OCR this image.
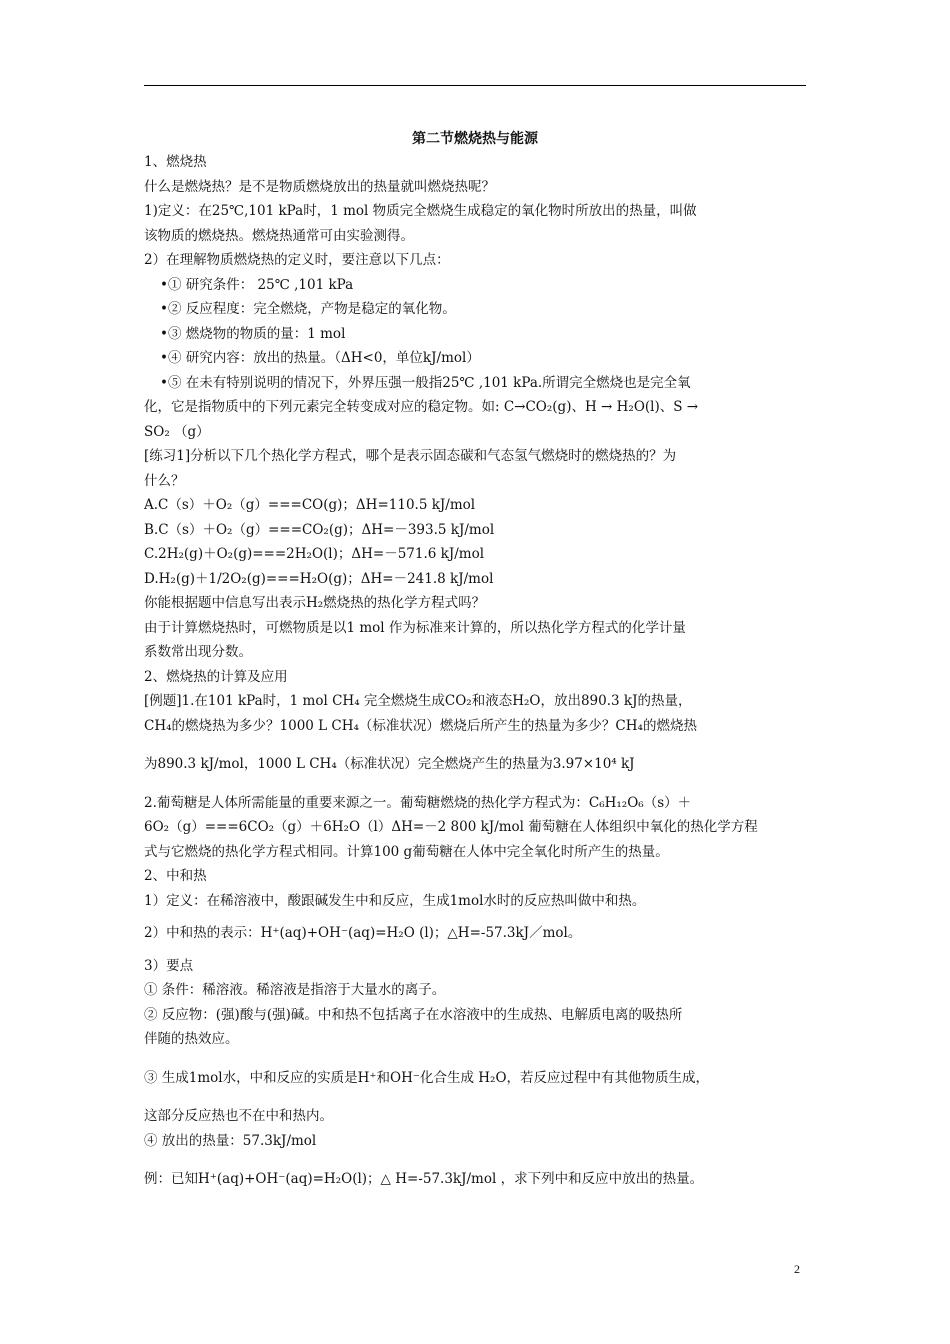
第二节燃烧热与能源

1、燃烧热

什么是燃烧热？是不是物质燃烧放出的热量就叫燃烧热呢？

1)定义：在25℃,101 kPa时，1 mol 物质完全燃烧生成稳定的氧化物时所放出的热量，叫做

该物质的燃烧热。燃烧热通常可由实验测得。

2）在理解物质燃烧热的定义时，要注意以下几点：

•① 研究条件： 25℃ ,101 kPa

•② 反应程度：完全燃烧，产物是稳定的氧化物。

•③ 燃烧物的物质的量：1 mol

•④ 研究内容：放出的热量。（ΔH<0，单位kJ/mol）

•⑤ 在未有特别说明的情况下，外界压强一般指25℃ ,101 kPa.所谓完全燃烧也是完全氧

化，它是指物质中的下列元素完全转变成对应的稳定物。如: C→CO₂(g)、H → H₂O(l)、S →

SO₂ （g）

[练习1]分析以下几个热化学方程式，哪个是表示固态碳和气态氢气燃烧时的燃烧热的？为

什么？

A.C（s）＋O₂（g）===CO(g)；ΔH=110.5 kJ/mol

B.C（s）＋O₂（g）===CO₂(g)；ΔH=－393.5 kJ/mol

C.2H₂(g)＋O₂(g)===2H₂O(l)；ΔH=－571.6 kJ/mol

D.H₂(g)＋1/2O₂(g)===H₂O(g)；ΔH=－241.8 kJ/mol

你能根据题中信息写出表示H₂燃烧热的热化学方程式吗？

由于计算燃烧热时，可燃物质是以1 mol 作为标准来计算的，所以热化学方程式的化学计量

系数常出现分数。

2、燃烧热的计算及应用

[例题]1.在101 kPa时，1 mol CH₄ 完全燃烧生成CO₂和液态H₂O，放出890.3 kJ的热量，

CH₄的燃烧热为多少？1000 L CH₄（标准状况）燃烧后所产生的热量为多少？CH₄的燃烧热

为890.3 kJ/mol，1000 L CH₄（标准状况）完全燃烧产生的热量为3.97×10⁴ kJ

2.葡萄糖是人体所需能量的重要来源之一。葡萄糖燃烧的热化学方程式为：C₆H₁₂O₆（s）＋

6O₂（g）===6CO₂（g）＋6H₂O（l）ΔH=－2 800 kJ/mol 葡萄糖在人体组织中氧化的热化学方程

式与它燃烧的热化学方程式相同。计算100 g葡萄糖在人体中完全氧化时所产生的热量。

2、中和热

1）定义：在稀溶液中，酸跟碱发生中和反应，生成1mol水时的反应热叫做中和热。

2）中和热的表示：H⁺(aq)+OH⁻(aq)=H₂O (l)；△H=-57.3kJ／mol。

3）要点

① 条件：稀溶液。稀溶液是指溶于大量水的离子。

② 反应物：(强)酸与(强)碱。中和热不包括离子在水溶液中的生成热、电解质电离的吸热所

伴随的热效应。

③ 生成1mol水，中和反应的实质是H⁺和OH⁻化合生成 H₂O，若反应过程中有其他物质生成，

这部分反应热也不在中和热内。

④ 放出的热量：57.3kJ/mol

例：已知H⁺(aq)+OH⁻(aq)=H₂O(l)；△ H=-57.3kJ/mol ，求下列中和反应中放出的热量。

2
